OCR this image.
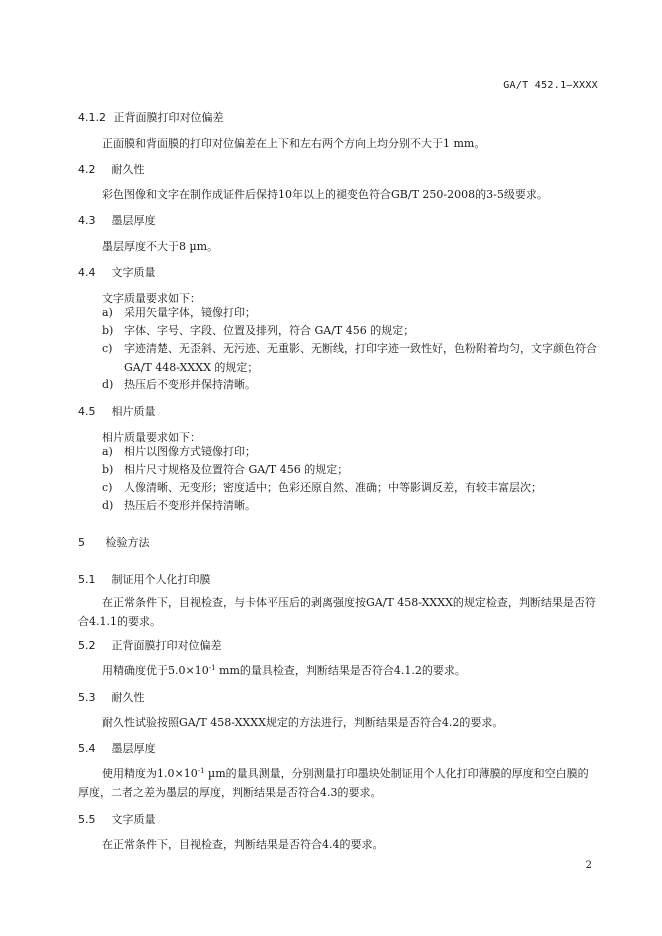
GA/T 452.1—XXXX
4.1.2 正背面膜打印对位偏差
正面膜和背面膜的打印对位偏差在上下和左右两个方向上均分别不大于1 mm。
4.2 耐久性
彩色图像和文字在制作成证件后保持10年以上的褪变色符合GB/T 250-2008的3-5级要求。
4.3 墨层厚度
墨层厚度不大于8 µm。
4.4 文字质量
文字质量要求如下：
a)	采用矢量字体，镜像打印；
b) 字体、字号、字段、位置及排列，符合 GA/T 456 的规定；
c)	字迹清楚、无歪斜、无污迹、无重影、无断线，打印字迹一致性好，色粉附着均匀，文字颜色符合 GA/T 448-XXXX 的规定；
d) 热压后不变形并保持清晰。
4.5 相片质量
相片质量要求如下：
a)	相片以图像方式镜像打印；
b) 相片尺寸规格及位置符合 GA/T 456 的规定；
c)	人像清晰、无变形；密度适中；色彩还原自然、准确；中等影调反差，有较丰富层次；
d) 热压后不变形并保持清晰。
5 检验方法
5.1 制证用个人化打印膜
在正常条件下，目视检查，与卡体平压后的剥离强度按GA/T 458-XXXX的规定检查，判断结果是否符合4.1.1的要求。
5.2 正背面膜打印对位偏差
用精确度优于$5.0\times 10^{-1}$ mm的量具检查，判断结果是否符合4.1.2的要求。
5.3 耐久性
耐久性试验按照GA/T 458-XXXX规定的方法进行，判断结果是否符合4.2的要求。
5.4 墨层厚度
使用精度为$1.0\times 10^{-1}$ µm的量具测量，分别测量打印墨块处制证用个人化打印薄膜的厚度和空白膜的厚度，二者之差为墨层的厚度，判断结果是否符合4.3的要求。
5.5 文字质量
在正常条件下，目视检查，判断结果是否符合4.4的要求。
2
